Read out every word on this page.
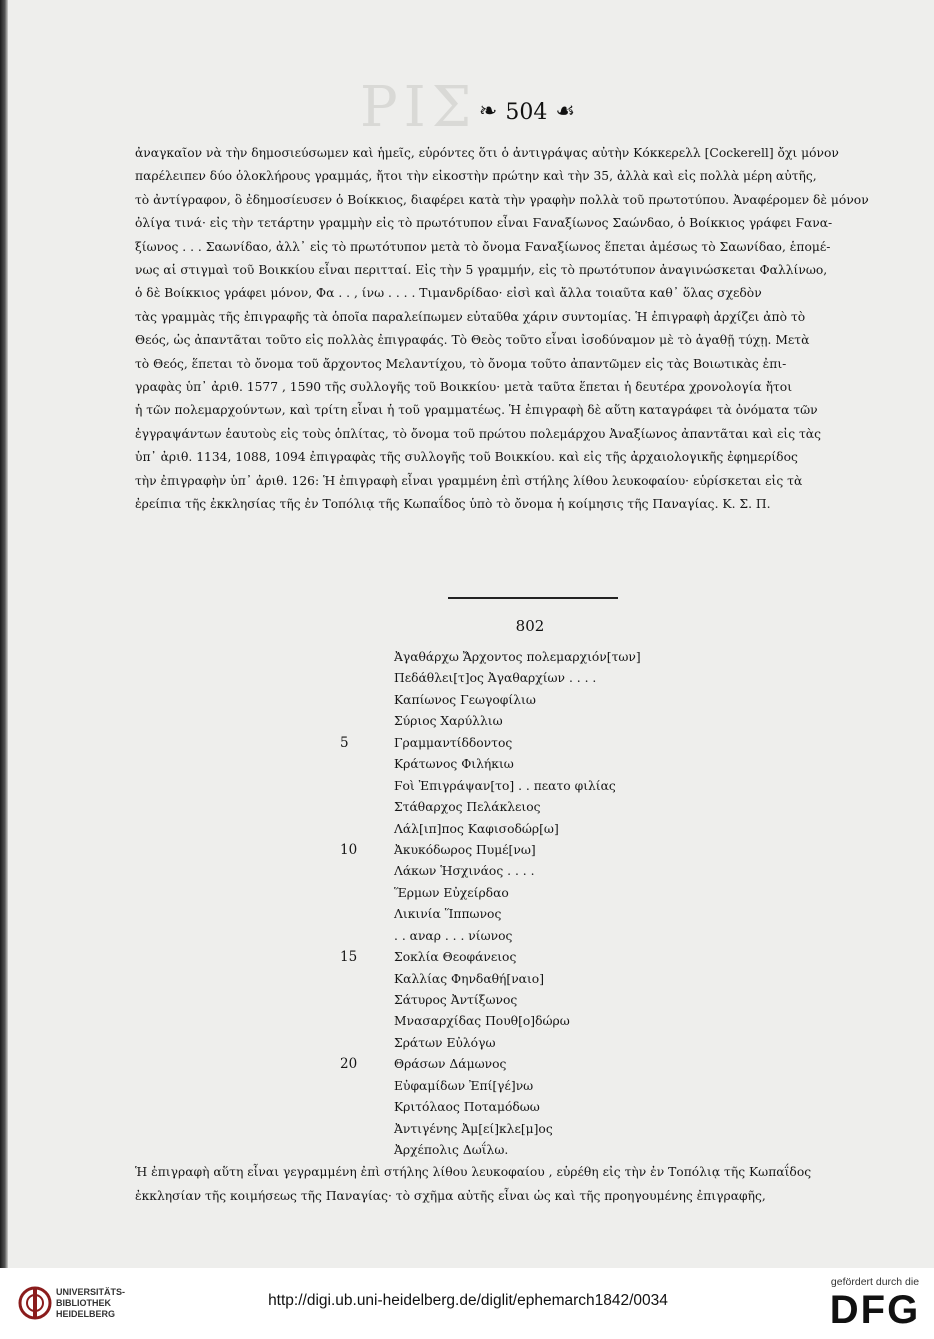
ΡΙΣ ❧ 504 ☙

ἀναγκαῖον νὰ τὴν δημοσιεύσωμεν καὶ ἡμεῖς, εὑρόντες ὅτι ὁ ἀντιγράψας αὐτὴν Κόκκερελλ [Cockerell] ὄχι μόνον

παρέλειπεν δύο ὁλοκλήρους γραμμάς, ἤτοι τὴν εἰκοστὴν πρώτην καὶ τὴν 35, ἀλλὰ καὶ εἰς πολλὰ μέρη αὐτῆς,

τὸ ἀντίγραφον, ὃ ἐδημοσίευσεν ὁ Βοίκκιος, διαφέρει κατὰ τὴν γραφὴν πολλὰ τοῦ πρωτοτύπου. Ἀναφέρομεν δὲ μόνον

ὀλίγα τινά· εἰς τὴν τετάρτην γραμμὴν εἰς τὸ πρωτότυπον εἶναι Ϝαναξίωνος Σαώνδαο, ὁ Βοίκκιος γράφει Ϝανα-

ξίωνος . . . Σαωνίδαο, ἀλλ᾽ εἰς τὸ πρωτότυπον μετὰ τὸ ὄνομα Ϝαναξίωνος ἕπεται ἀμέσως τὸ Σαωνίδαο, ἑπομέ-

νως αἱ στιγμαὶ τοῦ Βοικκίου εἶναι περιτταί. Εἰς τὴν 5 γραμμήν, εἰς τὸ πρωτότυπον ἀναγινώσκεται Φαλλίνωο,

ὁ δὲ Βοίκκιος γράφει μόνον, Φα . . , ίνω . . . . Τιμανδρίδαο· εἰσὶ καὶ ἄλλα τοιαῦτα καθ᾽ ὅλας σχεδὸν

τὰς γραμμὰς τῆς ἐπιγραφῆς τὰ ὁποῖα παραλείπωμεν εὐταῦθα χάριν συντομίας. Ἡ ἐπιγραφὴ ἀρχίζει ἀπὸ τὸ

Θεός, ὡς ἀπαντᾶται τοῦτο εἰς πολλὰς ἐπιγραφάς. Τὸ Θεὸς τοῦτο εἶναι ἰσοδύναμον μὲ τὸ ἀγαθῇ τύχῃ. Μετὰ

τὸ Θεός, ἕπεται τὸ ὄνομα τοῦ ἄρχοντος Μελαντίχου, τὸ ὄνομα τοῦτο ἀπαντῶμεν εἰς τὰς Βοιωτικὰς ἐπι-

γραφὰς ὑπ᾽ ἀριθ. 1577 , 1590 τῆς συλλογῆς τοῦ Βοικκίου· μετὰ ταῦτα ἕπεται ἡ δευτέρα χρονολογία ἤτοι

ἡ τῶν πολεμαρχούντων, καὶ τρίτη εἶναι ἡ τοῦ γραμματέως. Ἡ ἐπιγραφὴ δὲ αὕτη καταγράφει τὰ ὀνόματα τῶν

ἐγγραψάντων ἑαυτοὺς εἰς τοὺς ὁπλίτας, τὸ ὄνομα τοῦ πρώτου πολεμάρχου Ἀναξίωνος ἀπαντᾶται καὶ εἰς τὰς

ὑπ᾽ ἀριθ. 1134, 1088, 1094 ἐπιγραφὰς τῆς συλλογῆς τοῦ Βοικκίου. καὶ εἰς τῆς ἀρχαιολογικῆς ἐφημερίδος

τὴν ἐπιγραφὴν ὑπ᾽ ἀριθ. 126: Ἡ ἐπιγραφὴ εἶναι γραμμένη ἐπὶ στήλης λίθου λευκοφαίου· εὑρίσκεται εἰς τὰ

ἐρείπια τῆς ἐκκλησίας τῆς ἐν Τοπόλιᾳ τῆς Κωπαΐδος ὑπὸ τὸ ὄνομα ἡ κοίμησις τῆς Παναγίας. Κ. Σ. Π.

802
Ἀγαθάρχω Ἄρχοντος πολεμαρχιόν[των]
Πεδάθλει[τ]ος Ἀγαθαρχίων . . . .
Καπίωνος Γεωγοφίλιω
Σύριος Χαρύλλιω
5	Γραμμαντίδδοντος
Κράτωνος Φιλήκιω
Ϝοὶ Ἐπιγράψαν[το] . . πεατο φιλίας
Στάθαρχος Πελάκλειος
Λάλ[ιπ]πος Καφισοδώρ[ω]
10	Ἀκυκόδωρος Πυμέ[νω]
Λάκων Ἡσχινάος . . . .
Ἕρμων Εὐχείρδαο
Λικινία Ἵππωνος
. . αναρ . . . νίωνος
15	Σοκλία Θεοφάνειος
Καλλίας Φηνδαθή[ναιο]
Σάτυρος Ἀντίξωνος
Μνασαρχίδας Πουθ[ο]δώρω
Σράτων Εὐλόγω
20	Θράσων Δάμωνος
Εὐφαμίδων Ἐπί[γέ]νω
Κριτόλαος Ποταμόδωω
Ἀντιγένης Ἀμ[εί]κλε[μ]ος
Ἀρχέπολις Δωΐλω.
Ἡ ἐπιγραφὴ αὕτη εἶναι γεγραμμένη ἐπὶ στήλης λίθου λευκοφαίου , εὑρέθη εἰς τὴν ἐν Τοπόλιᾳ τῆς Κωπαΐδος
ἐκκλησίαν τῆς κοιμήσεως τῆς Παναγίας· τὸ σχῆμα αὐτῆς εἶναι ὡς καὶ τῆς προηγουμένης ἐπιγραφῆς,
UNIVERSITÄTS-
BIBLIOTHEK
HEIDELBERG
http://digi.ub.uni-heidelberg.de/diglit/ephemarch1842/0034
gefördert durch die
DFG
